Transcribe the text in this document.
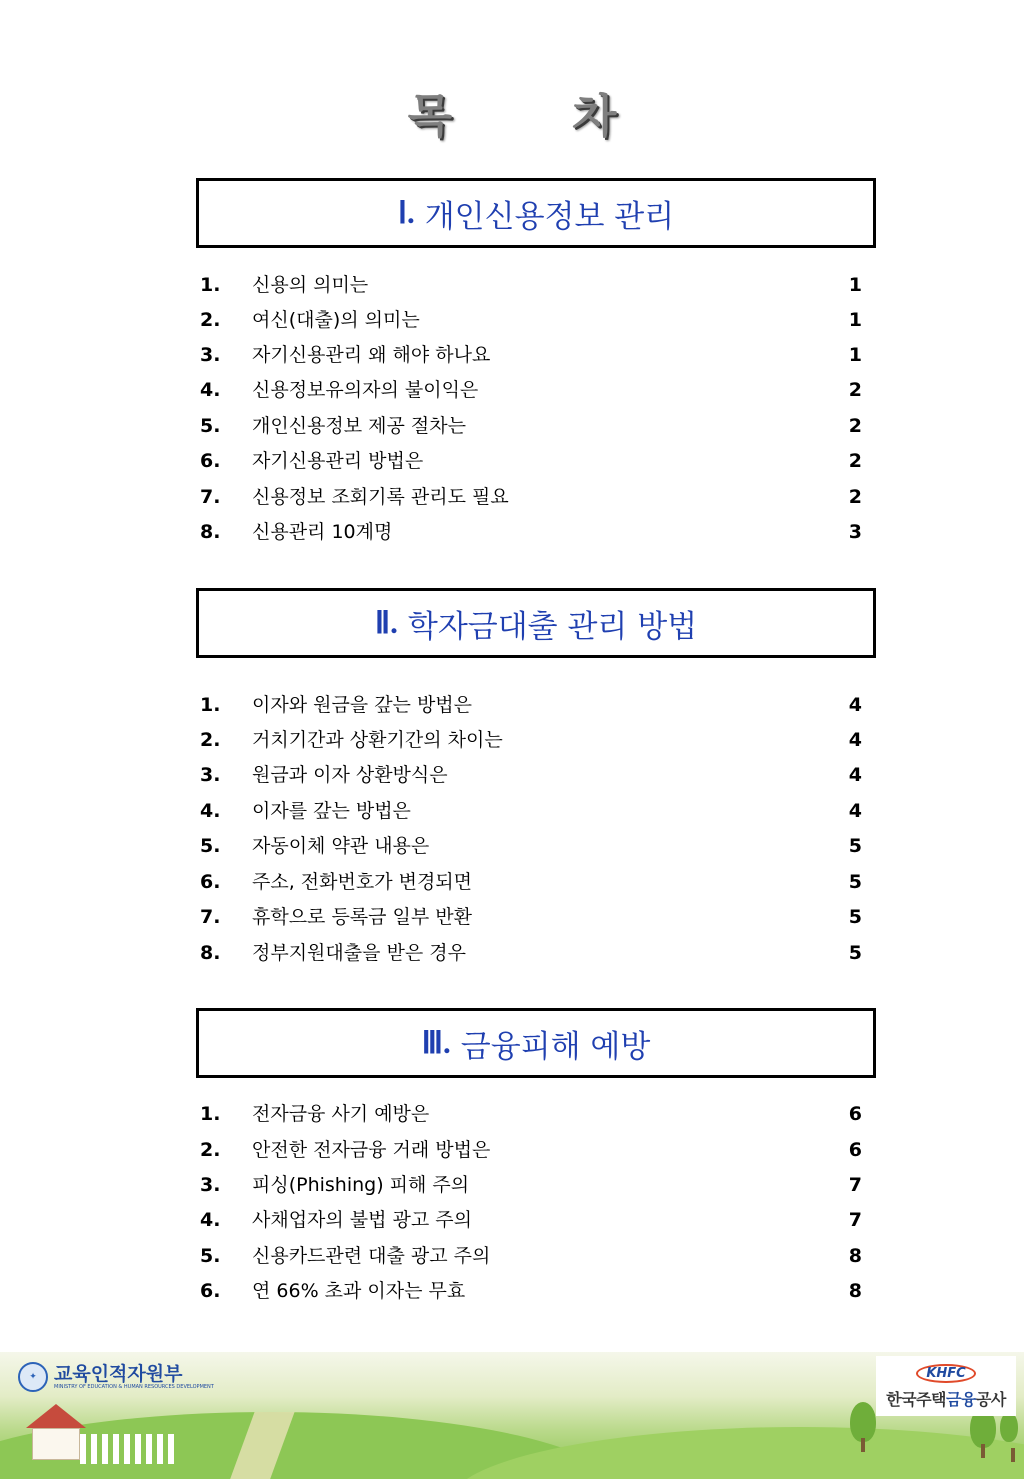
목차
Ⅰ. 개인신용정보 관리
1. 신용의 의미는	1
2. 여신(대출)의 의미는	1
3. 자기신용관리 왜 해야 하나요	1
4. 신용정보유의자의 불이익은	2
5. 개인신용정보 제공 절차는	2
6. 자기신용관리 방법은	2
7. 신용정보 조회기록 관리도 필요	2
8. 신용관리 10계명	3
Ⅱ. 학자금대출 관리 방법
1. 이자와 원금을 갚는 방법은	4
2. 거치기간과 상환기간의 차이는	4
3. 원금과 이자 상환방식은	4
4. 이자를 갚는 방법은	4
5. 자동이체 약관 내용은	5
6. 주소, 전화번호가 변경되면	5
7. 휴학으로 등록금 일부 반환	5
8. 정부지원대출을 받은 경우	5
Ⅲ. 금융피해 예방
1. 전자금융 사기 예방은	6
2. 안전한 전자금융 거래 방법은	6
3. 피싱(Phishing) 피해 주의	7
4. 사채업자의 불법 광고 주의	7
5. 신용카드관련 대출 광고 주의	8
6. 연 66% 초과 이자는 무효	8
✦ 교육인적자원부
MINISTRY OF EDUCATION & HUMAN RESOURCES DEVELOPMENT
KHFC
한국주택금융공사
